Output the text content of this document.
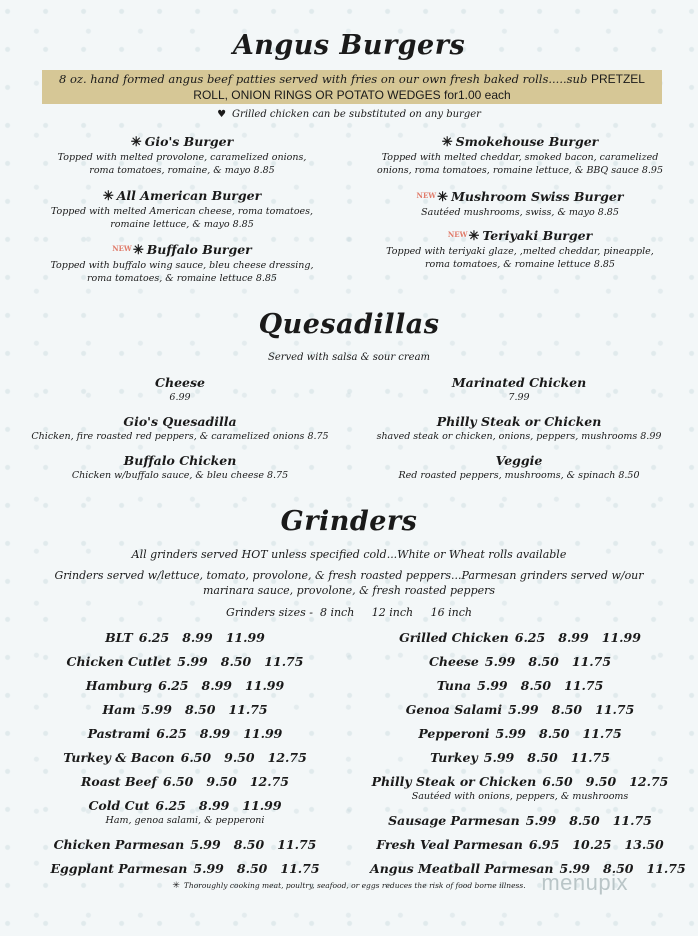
Angus Burgers
8 oz. hand formed angus beef patties served with fries on our own fresh baked rolls.....sub PRETZEL ROLL, ONION RINGS OR POTATO WEDGES for1.00 each
♥ Grilled chicken can be substituted on any burger
✳ Gio's Burger
Topped with melted provolone, caramelized onions, roma tomatoes, romaine, & mayo 8.85
✳ All American Burger
Topped with melted American cheese, roma tomatoes, romaine lettuce, & mayo 8.85
$^{NEW}$✳ Buffalo Burger
Topped with buffalo wing sauce, bleu cheese dressing, roma tomatoes, & romaine lettuce 8.85
✳ Smokehouse Burger
Topped with melted cheddar, smoked bacon, caramelized onions, roma tomatoes, romaine lettuce, & BBQ sauce 8.95
$^{NEW}$✳ Mushroom Swiss Burger
Sautéed mushrooms, swiss, & mayo 8.85
$^{NEW}$✳ Teriyaki Burger
Topped with teriyaki glaze, ,melted cheddar, pineapple, roma tomatoes, & romaine lettuce 8.85
Quesadillas
Served with salsa & sour cream
Cheese
6.99
Gio's Quesadilla
Chicken, fire roasted red peppers, & caramelized onions 8.75
Buffalo Chicken
Chicken w/buffalo sauce, & bleu cheese 8.75
Marinated Chicken
7.99
Philly Steak or Chicken
shaved steak or chicken, onions, peppers, mushrooms 8.99
Veggie
Red roasted peppers, mushrooms, & spinach 8.50
Grinders
All grinders served HOT unless specified cold...White or Wheat rolls available
Grinders served w/lettuce, tomato, provolone, & fresh roasted peppers...Parmesan grinders served w/our marinara sauce, provolone, & fresh roasted peppers
Grinders sizes -  8 inch     12 inch     16 inch
BLT 6.25   8.99   11.99
Chicken Cutlet 5.99   8.50   11.75
Hamburg 6.25   8.99   11.99
Ham 5.99   8.50   11.75
Pastrami 6.25   8.99   11.99
Turkey & Bacon 6.50   9.50   12.75
Roast Beef 6.50   9.50   12.75
Cold Cut 6.25   8.99   11.99
Ham, genoa salami, & pepperoni
Chicken Parmesan 5.99   8.50   11.75
Eggplant Parmesan 5.99   8.50   11.75
Grilled Chicken 6.25   8.99   11.99
Cheese 5.99   8.50   11.75
Tuna 5.99   8.50   11.75
Genoa Salami 5.99   8.50   11.75
Pepperoni 5.99   8.50   11.75
Turkey 5.99   8.50   11.75
Philly Steak or Chicken 6.50   9.50   12.75
Sautéed with onions, peppers, & mushrooms
Sausage Parmesan 5.99   8.50   11.75
Fresh Veal Parmesan 6.95   10.25   13.50
Angus Meatball Parmesan 5.99   8.50   11.75
✳ Thoroughly cooking meat, poultry, seafood, or eggs reduces the risk of food borne illness. menupix
